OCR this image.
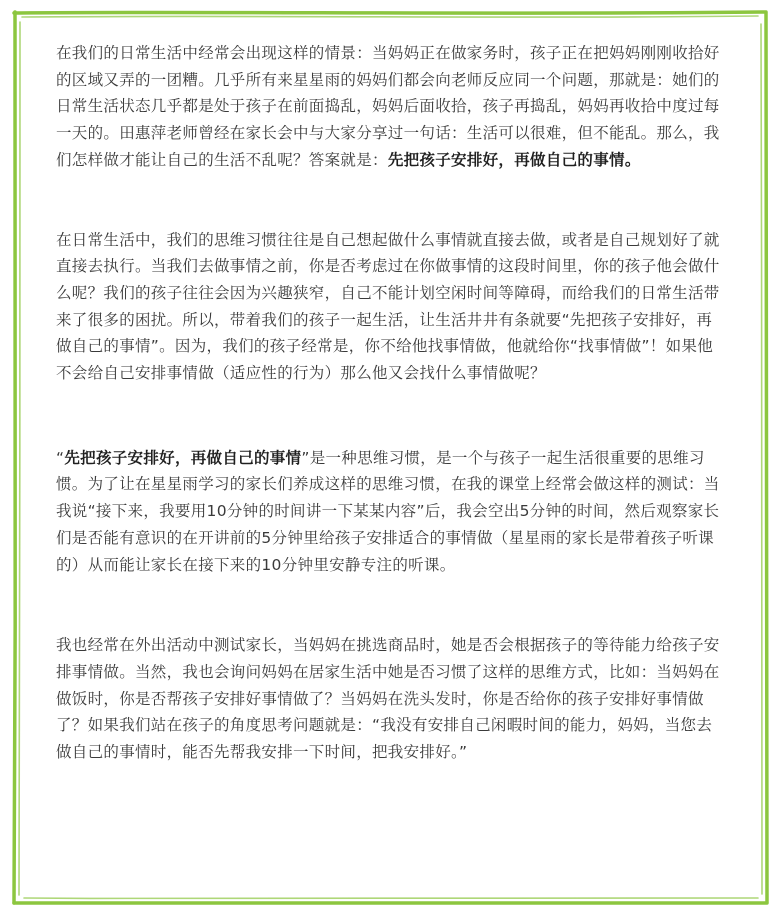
在我们的日常生活中经常会出现这样的情景：当妈妈正在做家务时，孩子正在把妈妈刚刚收拾好的区域又弄的一团糟。几乎所有来星星雨的妈妈们都会向老师反应同一个问题，那就是：她们的日常生活状态几乎都是处于孩子在前面捣乱，妈妈后面收拾，孩子再捣乱，妈妈再收拾中度过每一天的。田惠萍老师曾经在家长会中与大家分享过一句话：生活可以很难，但不能乱。那么，我们怎样做才能让自己的生活不乱呢？答案就是：先把孩子安排好，再做自己的事情。

在日常生活中，我们的思维习惯往往是自己想起做什么事情就直接去做，或者是自己规划好了就直接去执行。当我们去做事情之前，你是否考虑过在你做事情的这段时间里，你的孩子他会做什么呢？我们的孩子往往会因为兴趣狭窄，自己不能计划空闲时间等障碍，而给我们的日常生活带来了很多的困扰。所以，带着我们的孩子一起生活，让生活井井有条就要“先把孩子安排好，再做自己的事情”。因为，我们的孩子经常是，你不给他找事情做，他就给你“找事情做”！如果他不会给自己安排事情做（适应性的行为）那么他又会找什么事情做呢？

“先把孩子安排好，再做自己的事情”是一种思维习惯，是一个与孩子一起生活很重要的思维习惯。为了让在星星雨学习的家长们养成这样的思维习惯，在我的课堂上经常会做这样的测试：当我说“接下来，我要用10分钟的时间讲一下某某内容”后，我会空出5分钟的时间，然后观察家长们是否能有意识的在开讲前的5分钟里给孩子安排适合的事情做（星星雨的家长是带着孩子听课的）从而能让家长在接下来的10分钟里安静专注的听课。

我也经常在外出活动中测试家长，当妈妈在挑选商品时，她是否会根据孩子的等待能力给孩子安排事情做。当然，我也会询问妈妈在居家生活中她是否习惯了这样的思维方式，比如：当妈妈在做饭时，你是否帮孩子安排好事情做了？当妈妈在洗头发时，你是否给你的孩子安排好事情做了？如果我们站在孩子的角度思考问题就是：“我没有安排自己闲暇时间的能力，妈妈，当您去做自己的事情时，能否先帮我安排一下时间，把我安排好。”
